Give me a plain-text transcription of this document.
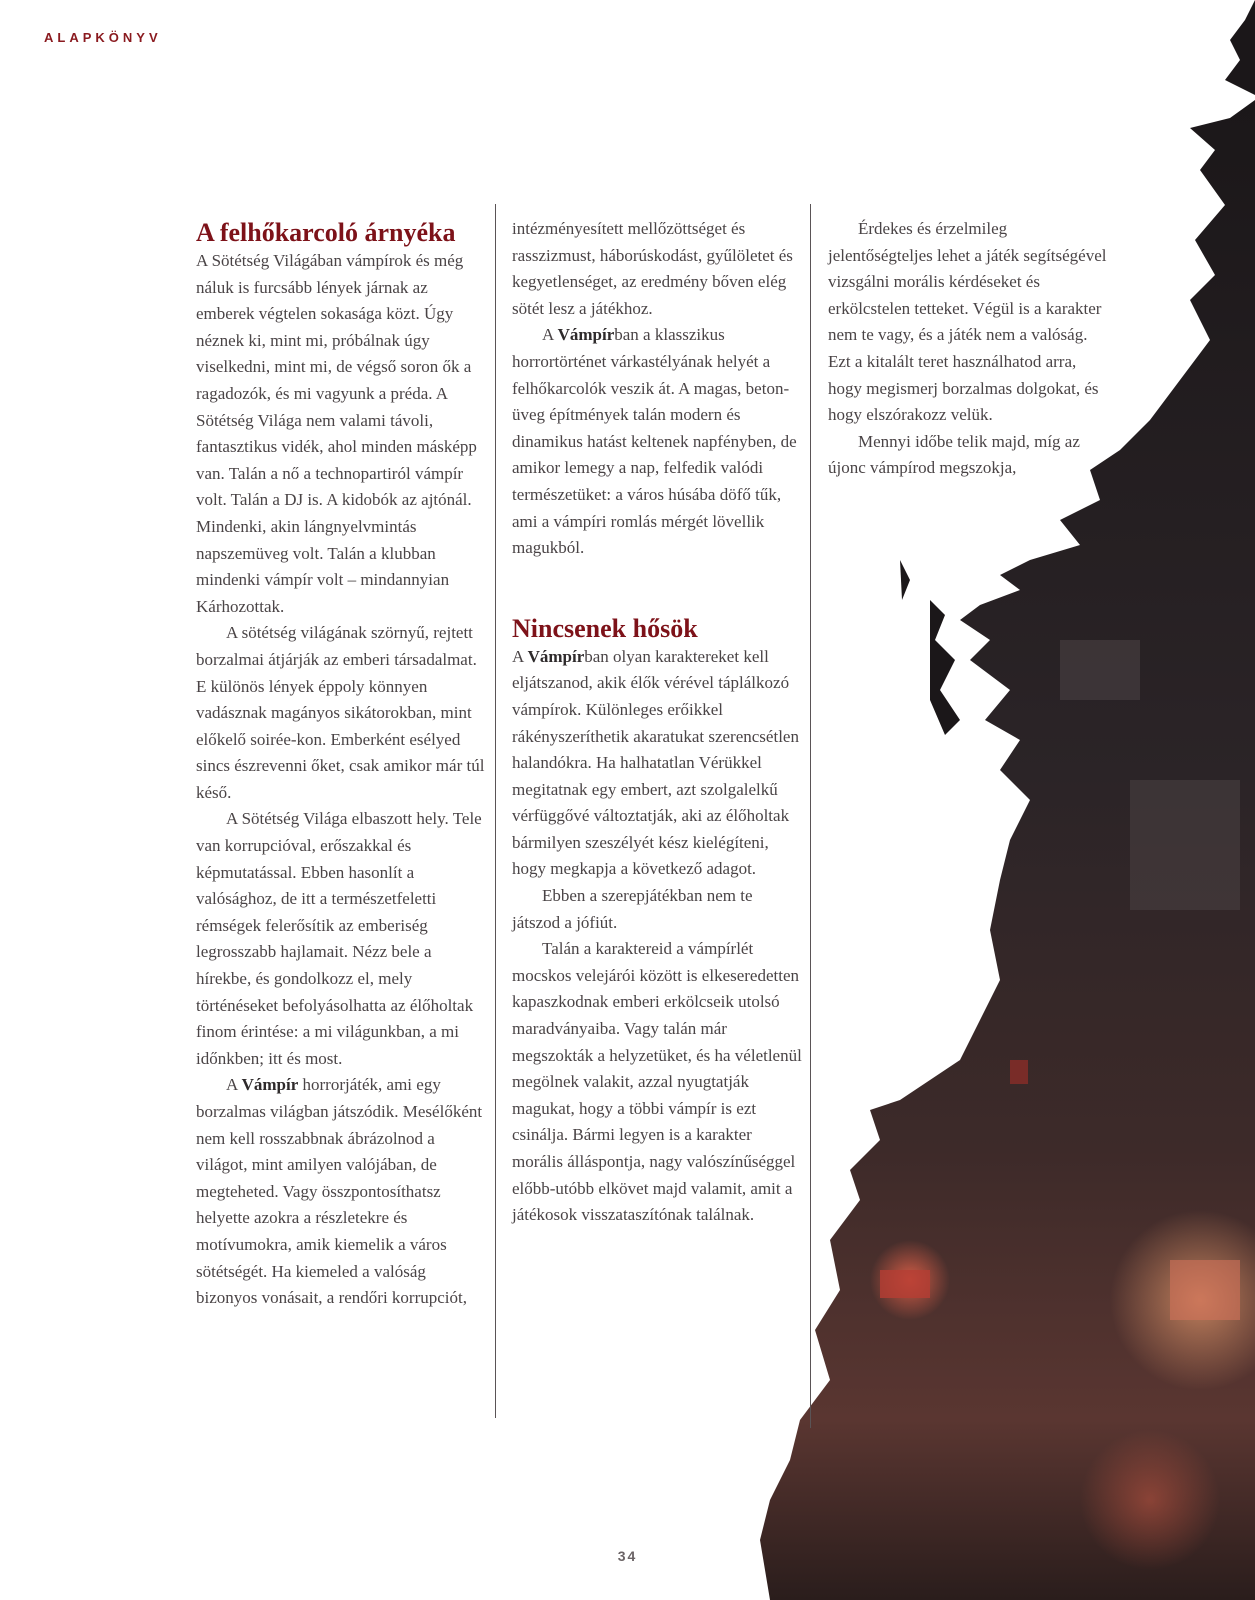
ALAPKÖNYV
A felhőkarcoló árnyéka

A Sötétség Világában vámpírok és még náluk is furcsább lények járnak az emberek végtelen sokasága közt. Úgy néznek ki, mint mi, próbálnak úgy viselkedni, mint mi, de végső soron ők a ragadozók, és mi vagyunk a préda. A Sötétség Világa nem valami távoli, fantasztikus vidék, ahol minden másképp van. Talán a nő a technopartiról vámpír volt. Talán a DJ is. A kidobók az ajtónál. Mindenki, akin lángnyelvmintás napszemüveg volt. Talán a klubban mindenki vámpír volt – mindannyian Kárhozottak.

A sötétség világának szörnyű, rejtett borzalmai átjárják az emberi társadalmat. E különös lények éppoly könnyen vadásznak magányos sikátorokban, mint előkelő soirée-kon. Emberként esélyed sincs észrevenni őket, csak amikor már túl késő.

A Sötétség Világa elbaszott hely. Tele van korrupcióval, erőszakkal és képmutatással. Ebben hasonlít a valósághoz, de itt a természetfeletti rémségek felerősítik az emberiség legrosszabb hajlamait. Nézz bele a hírekbe, és gondolkozz el, mely történéseket befolyásolhatta az élőholtak finom érintése: a mi világunkban, a mi időnkben; itt és most.

A Vámpír horrorjáték, ami egy borzalmas világban játszódik. Mesélőként nem kell rosszabbnak ábrázolnod a világot, mint amilyen valójában, de megteheted. Vagy összpontosíthatsz helyette azokra a részletekre és motívumokra, amik kiemelik a város sötétségét. Ha kiemeled a valóság bizonyos vonásait, a rendőri korrupciót,

intézményesített mellőzöttséget és rasszizmust, háborúskodást, gyűlöletet és kegyetlenséget, az eredmény bőven elég sötét lesz a játékhoz.

A Vámpírban a klasszikus horrortörténet várkastélyának helyét a felhőkarcolók veszik át. A magas, beton-üveg építmények talán modern és dinamikus hatást keltenek napfényben, de amikor lemegy a nap, felfedik valódi természetüket: a város húsába döfő tűk, ami a vámpíri romlás mérgét lövellik magukból.

Nincsenek hősök

A Vámpírban olyan karaktereket kell eljátszanod, akik élők vérével táplálkozó vámpírok. Különleges erőikkel rákényszeríthetik akaratukat szerencsétlen halandókra. Ha halhatatlan Vérükkel megitatnak egy embert, azt szolgalelkű vérfüggővé változtatják, aki az élőholtak bármilyen szeszélyét kész kielégíteni, hogy megkapja a következő adagot.

Ebben a szerepjátékban nem te játszod a jófiút.

Talán a karaktereid a vámpírlét mocskos velejárói között is elkeseredetten kapaszkodnak emberi erkölcseik utolsó maradványaiba. Vagy talán már megszokták a helyzetüket, és ha véletlenül megölnek valakit, azzal nyugtatják magukat, hogy a többi vámpír is ezt csinálja. Bármi legyen is a karakter morális álláspontja, nagy valószínűséggel előbb-utóbb elkövet majd valamit, amit a játékosok visszataszítónak találnak.

Érdekes és érzelmileg jelentőségteljes lehet a játék segítségével vizsgálni morális kérdéseket és erkölcstelen tetteket. Végül is a karakter nem te vagy, és a játék nem a valóság. Ezt a kitalált teret használhatod arra, hogy megismerj borzalmas dolgokat, és hogy elszórakozz velük.

Mennyi időbe telik majd, míg az újonc vámpírod megszokja,

34
